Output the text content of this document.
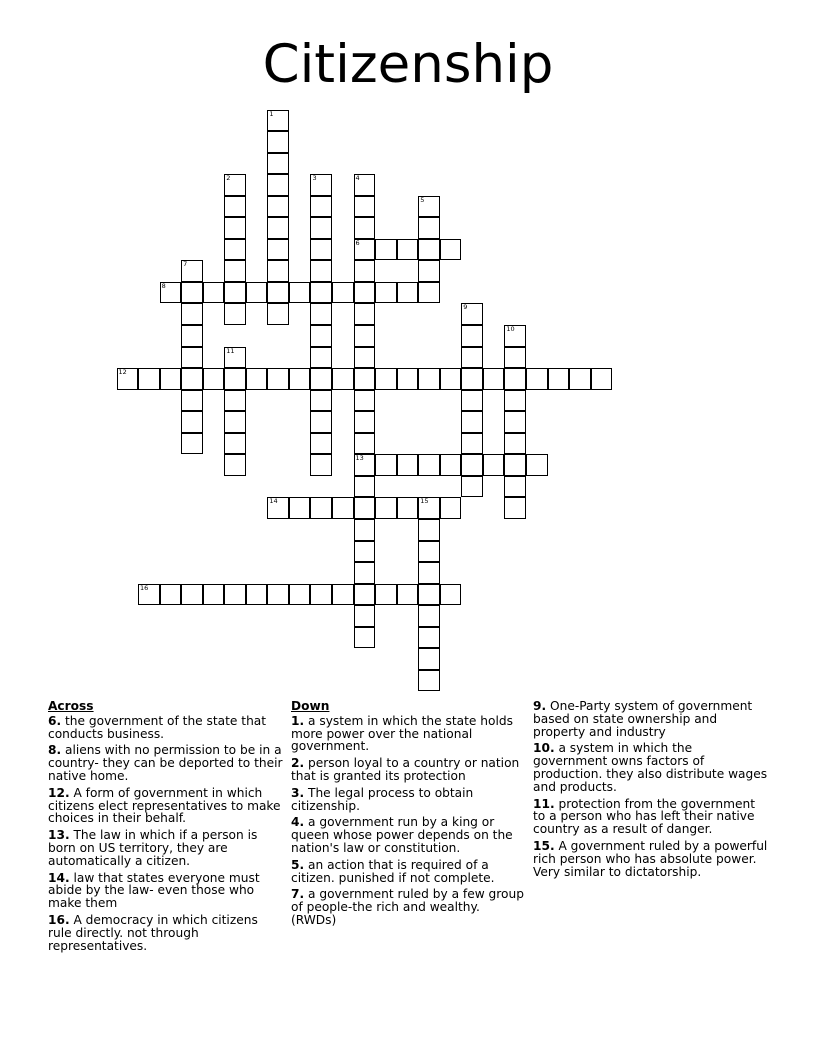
Citizenship
1
2	3	4
6
13
5
7
8
9
10
11
12
14	15
16
Across
6. the government of the state that conducts business.
8. aliens with no permission to be in a country- they can be deported to their native home.
12. A form of government in which citizens elect representatives to make choices in their behalf.
13. The law in which if a person is born on US territory, they are automatically a citizen.
14. law that states everyone must abide by the law- even those who make them
16. A democracy in which citizens rule directly. not through representatives.
Down
1. a system in which the state holds more power over the national government.
2. person loyal to a country or nation that is granted its protection
3. The legal process to obtain citizenship.
4. a government run by a king or queen whose power depends on the nation's law or constitution.
5. an action that is required of a citizen. punished if not complete.
7. a government ruled by a few group of people-the rich and wealthy. (RWDs)
9. One-Party system of government based on state ownership and property and industry
10. a system in which the government owns factors of production. they also distribute wages and products.
11. protection from the government to a person who has left their native country as a result of danger.
15. A government ruled by a powerful rich person who has absolute power. Very similar to dictatorship.
